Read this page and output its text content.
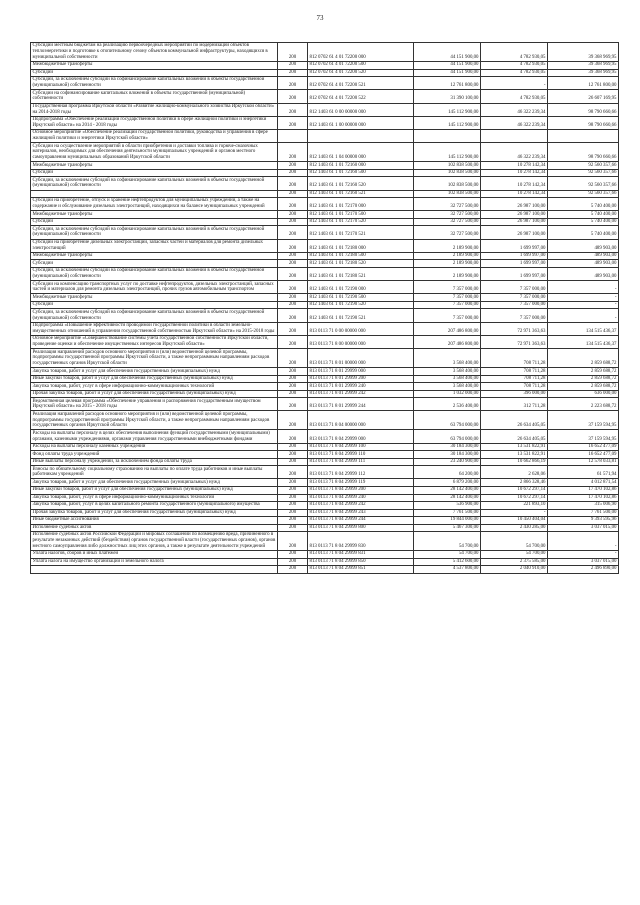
73
Субсидии местным бюджетам на реализацию первоочередных мероприятий по модернизации объектов теплоэнергетики и подготовке к отопительному сезону объектов коммунальной инфраструктуры, находящихся в муниципальной собственности	200	812 0702 61 4 01 72200 000	44 151 900,00	4 782 930,05	39 368 969,95
Межбюджетные трансферты	200	812 0702 61 4 01 72200 500	44 151 900,00	4 782 930,05	39 368 969,95
Субсидии	200	812 0702 61 4 01 72200 520	44 151 900,00	4 782 930,05	39 368 969,95
Субсидии, за исключением субсидий на софинансирование капитальных вложений в объекты государственной (муниципальной) собственности	200	812 0702 61 4 01 72200 521	12 761 800,00	-	12 761 800,00
Субсидии на софинансирование капитальных вложений в объекты государственной (муниципальной) собственности	200	812 0702 61 4 01 72200 522	31 390 100,00	4 782 930,05	26 607 169,95
Государственная программа Иркутской области «Развитие жилищно-коммунального хозяйства Иркутской области» на 2014-2018 годы	200	812 1403 61 0 00 00000 000	145 112 900,00	46 322 239,34	98 790 660,66
Подпрограмма «Обеспечение реализации государственной политики в сфере жилищной политики и энергетики Иркутской области» на 2014 - 2018 годы	200	812 1403 61 1 00 00000 000	145 112 900,00	46 322 239,34	98 790 660,66
Основное мероприятие «Обеспечение реализации государственной политики, руководства и управления в сфере жилищной политики и энергетики Иркутской области»					
Субсидии на осуществление мероприятий в области приобретения и доставки топлива и горюче-смазочных материалов, необходимых для обеспечения деятельности муниципальных учреждений и органов местного самоуправления муниципальных образований Иркутской области	200	812 1403 61 1 04 00000 000	145 112 900,00	46 322 239,34	98 790 660,66
Межбюджетные трансферты	200	812 1403 61 1 01 72160 000	102 838 500,00	10 278 142,34	92 560 357,66
Субсидии	200	812 1403 61 1 01 72160 500	102 838 500,00	10 278 142,34	92 560 357,66
Субсидии, за исключением субсидий на софинансирование капитальных вложений в объекты государственной (муниципальной) собственности	200	812 1403 61 1 01 72160 520	102 838 500,00	10 278 142,34	92 560 357,66
	200	812 1403 61 1 01 72160 521	102 838 500,00	10 278 142,34	92 560 357,66
Субсидии на приобретение, отпуск и хранение нефтепродуктов для муниципальных учреждений, а также на содержание и обслуживание дизельных электростанций, находящихся на балансе муниципальных учреждений	200	812 1403 61 1 01 72170 000	32 727 500,00	26 987 100,00	5 740 400,00
Межбюджетные трансферты	200	812 1403 61 1 01 72170 500	32 727 500,00	26 987 100,00	5 740 400,00
Субсидии	200	812 1403 61 1 01 72170 520	32 727 500,00	26 987 100,00	5 740 400,00
Субсидии, за исключением субсидий на софинансирование капитальных вложений в объекты государственной (муниципальной) собственности	200	812 1403 61 1 01 72170 521	32 727 500,00	26 987 100,00	5 740 400,00
Субсидии на приобретение дизельных электростанций, запасных частей и материалов для ремонта дизельных электростанций	200	812 1403 61 1 01 72180 000	2 189 900,00	1 699 997,00	489 903,00
Межбюджетные трансферты	200	812 1403 61 1 01 72180 500	2 189 900,00	1 699 997,00	489 903,00
Субсидии	200	812 1403 61 1 01 72180 520	2 189 900,00	1 699 997,00	489 903,00
Субсидии, за исключением субсидий на софинансирование капитальных вложений в объекты государственной (муниципальной) собственности	200	812 1403 61 1 01 72180 521	2 189 900,00	1 699 997,00	489 903,00
Субсидии на компенсацию транспортных услуг по доставке нефтепродуктов, дизельных электростанций, запасных частей и материалов для ремонта дизельных электростанций, прочих грузов автомобильным транспортом	200	812 1403 61 1 01 72190 000	7 357 000,00	7 357 000,00	-
Межбюджетные трансферты	200	812 1403 61 1 01 72190 500	7 357 000,00	7 357 000,00	-
Субсидии	200	812 1403 61 1 01 72190 520	7 357 000,00	7 357 000,00	-
Субсидии, за исключением субсидий на софинансирование капитальных вложений в объекты государственной (муниципальной) собственности	200	812 1403 61 1 01 72190 521	7 357 000,00	7 357 000,00	-
Подпрограмма «Повышение эффективности проводимой государственной политики в области земельно-имущественных отношений в управлении государственной собственностью Иркутской области» на 2015-2018 годы	200	813 0113 71 0 00 00000 000	207 486 800,00	72 971 363,63	134 515 436,37
Основное мероприятие «Совершенствование системы учета государственной собственности Иркутской области, проведение оценки и обеспечение имущественных интересов Иркутской области»	200	813 0113 71 8 00 00000 000	207 486 800,00	72 971 363,63	134 515 436,37
Реализация направлений расходов основного мероприятия и (или) ведомственной целевой программы, подпрограммы государственной программы Иркутской области, а также непрограммным направлениям расходов государственных органов Иркутской области	200	813 0113 71 8 01 00000 000	3 568 400,00	708 711,28	2 859 688,72
Закупка товаров, работ и услуг для обеспечения государственных (муниципальных) нужд	200	813 0113 71 8 01 29999 000	3 568 400,00	708 711,28	2 859 688,72
Иные закупки товаров, работ и услуг для обеспечения государственных (муниципальных) нужд	200	813 0113 71 8 01 29999 200	3 568 400,00	708 711,28	2 859 688,72
Закупка товаров, работ, услуг в сфере информационно-коммуникационных технологий	200	813 0113 71 8 01 29999 240	3 568 400,00	708 711,28	2 859 688,72
Прочая закупка товаров, работ и услуг для обеспечения государственных (муниципальных) нужд	200	813 0113 71 8 01 29999 242	1 032 000,00	396 000,00	636 000,00
Ведомственная целевая программа «Обеспечение управления и распоряжения государственным имуществом Иркутской области» на 2015 - 2018 годы	200	813 0113 71 8 01 29999 244	2 536 400,00	312 711,28	2 223 688,72
Реализация направлений расходов основного мероприятия и (или) ведомственной целевой программы, подпрограммы государственной программы Иркутской области, а также непрограммным направлениям расходов государственных органов Иркутской области	200	813 0113 71 8 04 00000 000	63 794 000,00	26 634 405,05	37 159 594,95
Расходы на выплаты персоналу в целях обеспечения выполнения функций государственными (муниципальными) органами, казенными учреждениями, органами управления государственными внебюджетными фондами	200	813 0113 71 8 04 29999 000	63 794 000,00	26 634 405,05	37 159 594,95
Расходы на выплаты персоналу казенных учреждений	200	813 0113 71 8 04 29999 100	30 184 300,00	13 531 822,91	16 652 477,09
Фонд оплаты труда учреждений	200	813 0113 71 8 04 29999 110	30 184 300,00	13 531 822,91	16 652 477,09
Иные выплаты персоналу учреждений, за исключением фонда оплаты труда	200	813 0113 71 8 04 29999 111	23 240 900,00	10 662 866,19	12 578 033,81
Взносы по обязательному социальному страхованию на выплаты по оплате труда работников и иные выплаты работникам учреждений	200	813 0113 71 8 04 29999 112	64 200,00	2 628,06	61 571,94
Закупка товаров, работ и услуг для обеспечения государственных (муниципальных) нужд	200	813 0113 71 8 04 29999 119	6 879 200,00	2 866 328,46	4 012 871,54
Иные закупки товаров, работ и услуг для обеспечения государственных (муниципальных) нужд	200	813 0113 71 8 04 29999 200	28 142 400,00	10 672 297,14	17 470 102,86
Закупка товаров, работ, услуг в сфере информационно-коммуникационных технологий	200	813 0113 71 8 04 29999 240	28 142 400,00	10 672 297,14	17 470 102,86
Закупка товаров, работ, услуг в целях капитального ремонта государственного (муниципального) имущества	200	813 0113 71 8 04 29999 242	536 900,00	221 893,10	315 006,90
Прочая закупка товаров, работ и услуг для обеспечения государственных (муниципальных) нужд	200	813 0113 71 8 04 29999 243	7 761 500,00	-	7 761 500,00
Иные бюджетные ассигнования	200	813 0113 71 8 04 29999 244	19 844 000,00	10 450 404,04	9 393 595,96
Исполнение судебных актов	200	813 0113 71 8 04 29999 800	5 467 300,00	2 430 285,00	3 037 015,00
Исполнение судебных актов Российской Федерации и мировых соглашений по возмещению вреда, причиненного в результате незаконных действий (бездействия) органов государственной власти (государственных органов), органов местного самоуправления либо должностных лиц этих органов, а также в результате деятельности учреждений	200	813 0113 71 8 04 29999 830	54 700,00	54 700,00	-
Уплата налогов, сборов и иных платежей	200	813 0113 71 8 04 29999 831	54 700,00	54 700,00	-
Уплата налога на имущество организаций и земельного налога	200	813 0113 71 8 04 29999 850	5 412 600,00	2 375 585,00	3 037 015,00
	200	813 0113 71 8 04 29999 851	4 537 800,00	2 040 910,00	2 496 890,00
